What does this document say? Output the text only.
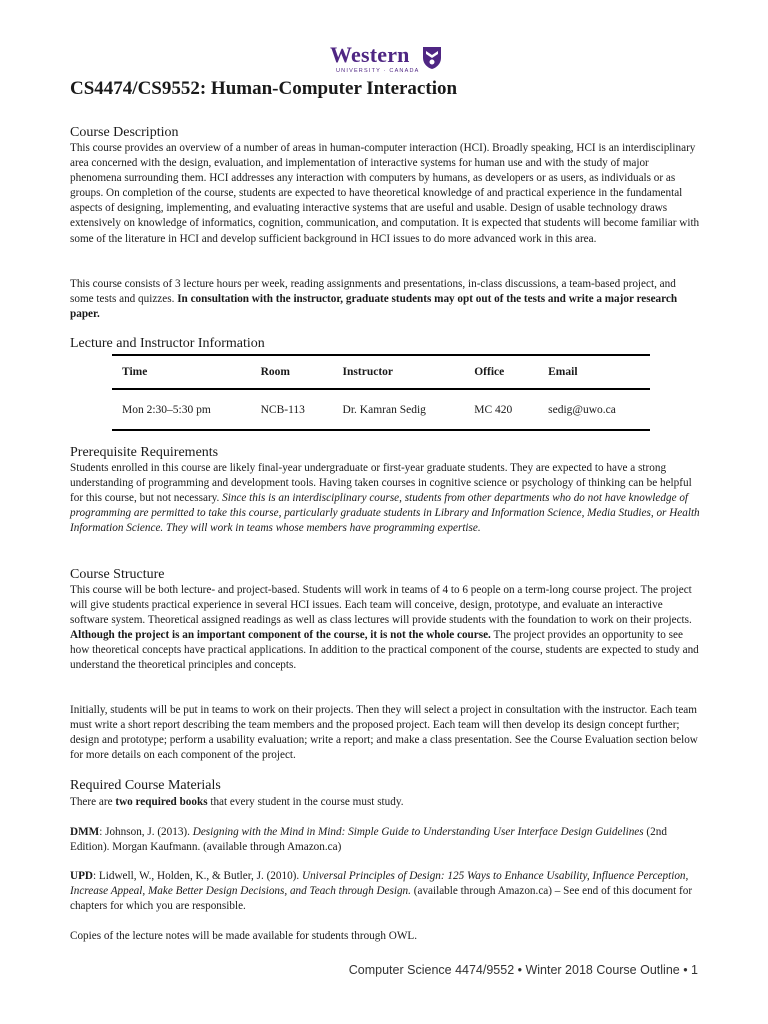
Western
UNIVERSITY · CANADA
CS4474/CS9552: Human-Computer Interaction
Course Description

This course provides an overview of a number of areas in human-computer interaction (HCI). Broadly speaking, HCI is an interdisciplinary area concerned with the design, evaluation, and implementation of interactive systems for human use and with the study of major phenomena surrounding them. HCI addresses any interaction with computers by humans, as developers or as users, as individuals or as groups. On completion of the course, students are expected to have theoretical knowledge of and practical experience in the fundamental aspects of designing, implementing, and evaluating interactive systems that are useful and usable. Design of usable technology draws extensively on knowledge of informatics, cognition, communication, and computation. It is expected that students will become familiar with some of the literature in HCI and develop sufficient background in HCI issues to do more advanced work in this area.

This course consists of 3 lecture hours per week, reading assignments and presentations, in-class discussions, a team-based project, and some tests and quizzes. In consultation with the instructor, graduate students may opt out of the tests and write a major research paper.

Lecture and Instructor Information
Time	Room	Instructor	Office	Email
Mon 2:30–5:30 pm	NCB-113	Dr. Kamran Sedig	MC 420	sedig@uwo.ca
Prerequisite Requirements

Students enrolled in this course are likely final-year undergraduate or first-year graduate students. They are expected to have a strong understanding of programming and development tools. Having taken courses in cognitive science or psychology of thinking can be helpful for this course, but not necessary. Since this is an interdisciplinary course, students from other departments who do not have knowledge of programming are permitted to take this course, particularly graduate students in Library and Information Science, Media Studies, or Health Information Science. They will work in teams whose members have programming expertise.

Course Structure

This course will be both lecture- and project-based. Students will work in teams of 4 to 6 people on a term-long course project. The project will give students practical experience in several HCI issues. Each team will conceive, design, prototype, and evaluate an interactive software system. Theoretical assigned readings as well as class lectures will provide students with the foundation to work on their projects. Although the project is an important component of the course, it is not the whole course. The project provides an opportunity to see how theoretical concepts have practical applications. In addition to the practical component of the course, students are expected to study and understand the theoretical principles and concepts.

Initially, students will be put in teams to work on their projects. Then they will select a project in consultation with the instructor. Each team must write a short report describing the team members and the proposed project. Each team will then develop its design concept further; design and prototype; perform a usability evaluation; write a report; and make a class presentation. See the Course Evaluation section below for more details on each component of the project.

Required Course Materials

There are two required books that every student in the course must study.

DMM: Johnson, J. (2013). Designing with the Mind in Mind: Simple Guide to Understanding User Interface Design Guidelines (2nd Edition). Morgan Kaufmann. (available through Amazon.ca)

UPD: Lidwell, W., Holden, K., & Butler, J. (2010). Universal Principles of Design: 125 Ways to Enhance Usability, Influence Perception, Increase Appeal, Make Better Design Decisions, and Teach through Design. (available through Amazon.ca) – See end of this document for chapters for which you are responsible.

Copies of the lecture notes will be made available for students through OWL.

Computer Science 4474/9552 • Winter 2018 Course Outline • 1
